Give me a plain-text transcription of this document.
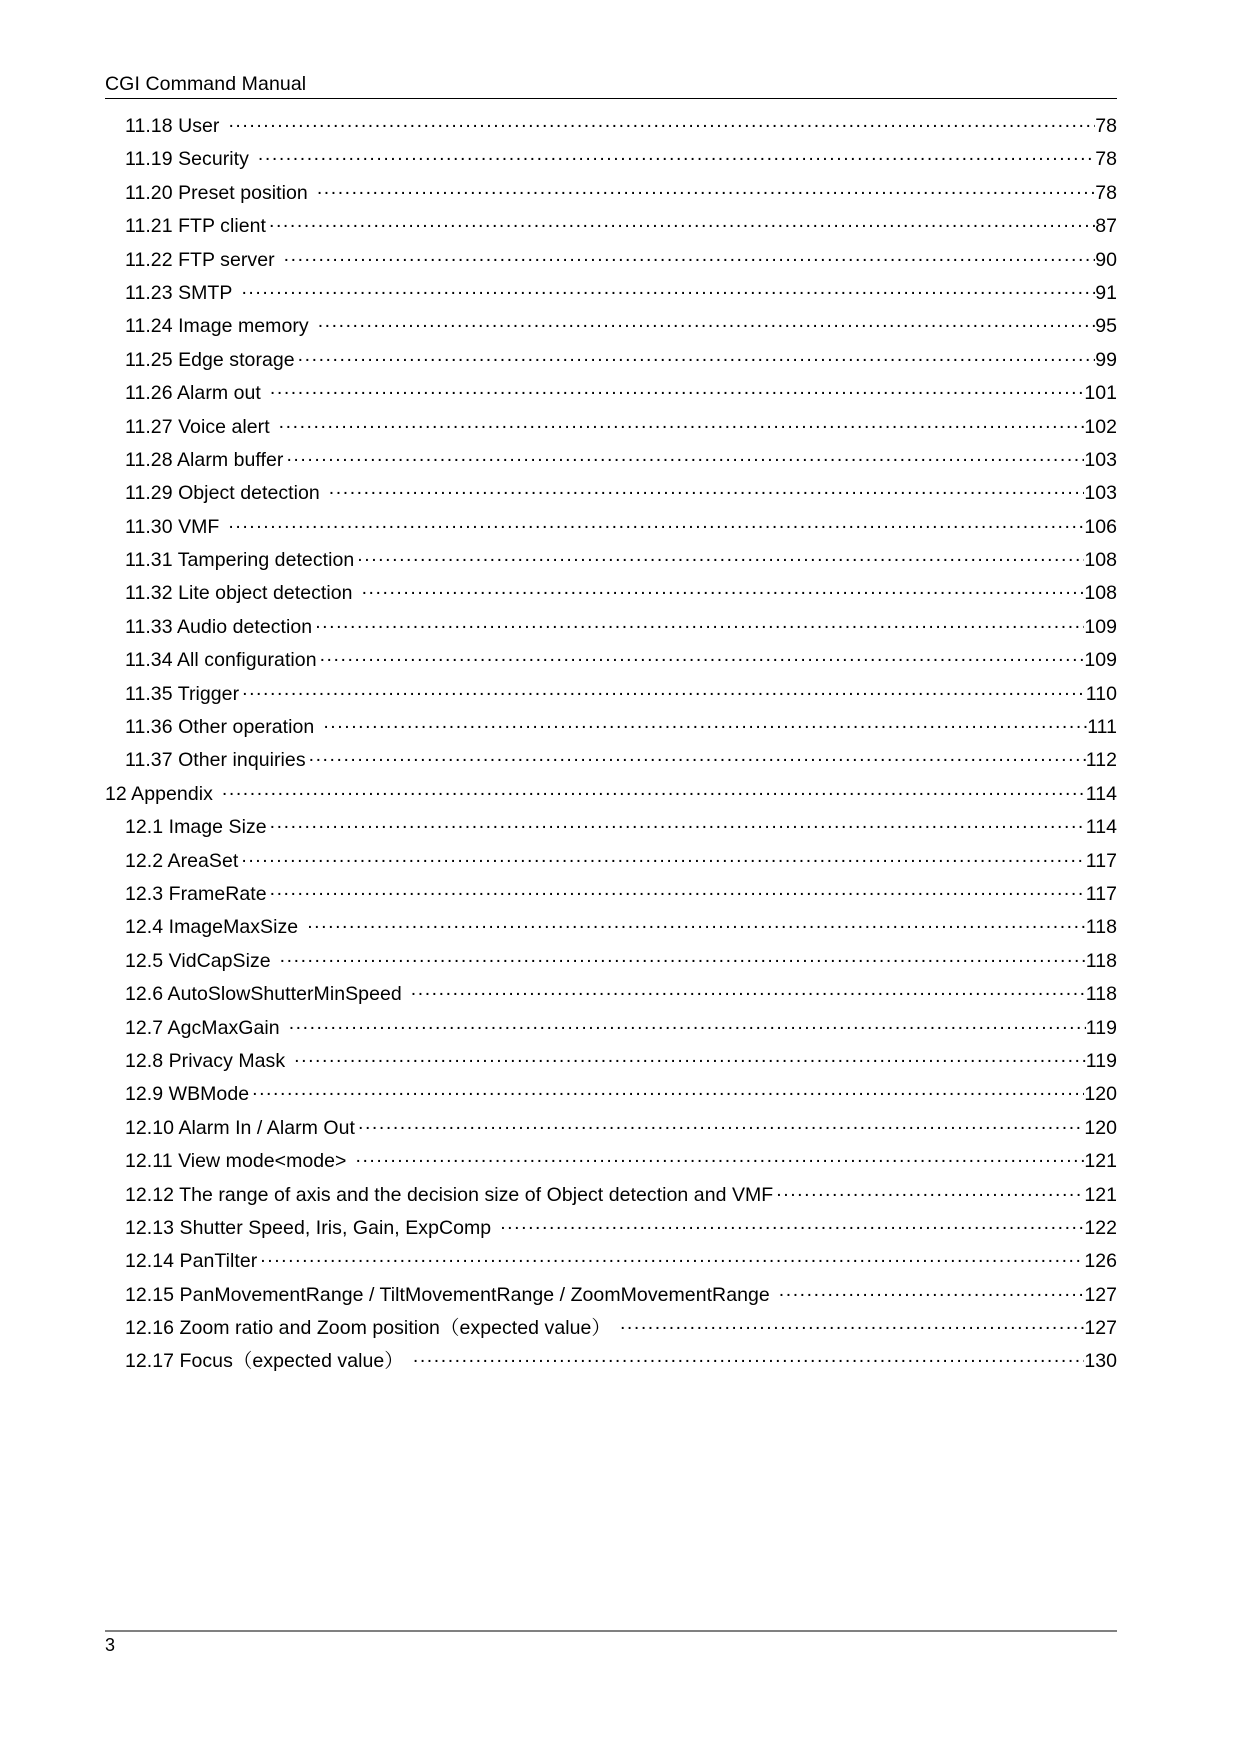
CGI Command Manual
11.18 User .....	78
11.19 Security .....	78
11.20 Preset position .....	78
11.21 FTP client .....	87
11.22 FTP server .....	90
11.23 SMTP .....	91
11.24 Image memory .....	95
11.25 Edge storage .....	99
11.26 Alarm out .....	101
11.27 Voice alert .....	102
11.28 Alarm buffer .....	103
11.29 Object detection .....	103
11.30 VMF .....	106
11.31 Tampering detection .....	108
11.32 Lite object detection .....	108
11.33 Audio detection .....	109
11.34 All configuration .....	109
11.35 Trigger .....	110
11.36 Other operation .....	111
11.37 Other inquiries .....	112
12 Appendix .....	114
12.1 Image Size .....	114
12.2 AreaSet .....	117
12.3 FrameRate .....	117
12.4 ImageMaxSize .....	118
12.5 VidCapSize .....	118
12.6 AutoSlowShutterMinSpeed .....	118
12.7 AgcMaxGain .....	119
12.8 Privacy Mask .....	119
12.9 WBMode .....	120
12.10 Alarm In / Alarm Out .....	120
12.11 View mode<mode> .....	121
12.12 The range of axis and the decision size of Object detection and VMF .....	121
12.13 Shutter Speed, Iris, Gain, ExpComp .....	122
12.14 PanTilter .....	126
12.15 PanMovementRange / TiltMovementRange / ZoomMovementRange .....	127
12.16 Zoom ratio and Zoom position（expected value） .....	127
12.17 Focus（expected value） .....	130
3
